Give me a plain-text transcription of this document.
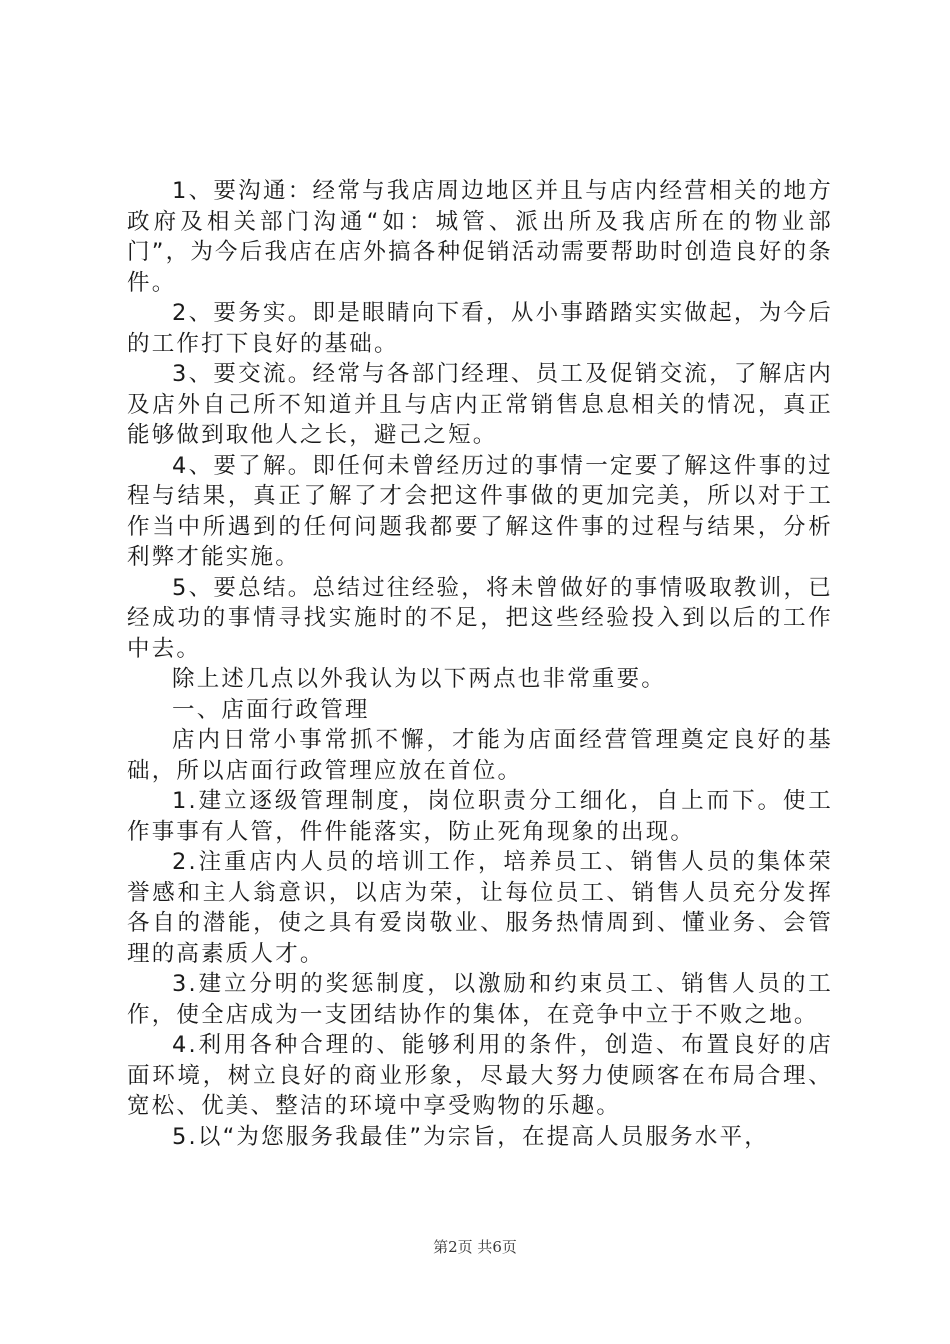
1、要沟通：经常与我店周边地区并且与店内经营相关的地方政府及相关部门沟通“如：城管、派出所及我店所在的物业部门”，为今后我店在店外搞各种促销活动需要帮助时创造良好的条件。

2、要务实。即是眼睛向下看，从小事踏踏实实做起，为今后的工作打下良好的基础。

3、要交流。经常与各部门经理、员工及促销交流，了解店内及店外自己所不知道并且与店内正常销售息息相关的情况，真正能够做到取他人之长，避己之短。

4、要了解。即任何未曾经历过的事情一定要了解这件事的过程与结果，真正了解了才会把这件事做的更加完美，所以对于工作当中所遇到的任何问题我都要了解这件事的过程与结果，分析利弊才能实施。

5、要总结。总结过往经验，将未曾做好的事情吸取教训，已经成功的事情寻找实施时的不足，把这些经验投入到以后的工作中去。

除上述几点以外我认为以下两点也非常重要。

一、店面行政管理

店内日常小事常抓不懈，才能为店面经营管理奠定良好的基础，所以店面行政管理应放在首位。

1.建立逐级管理制度，岗位职责分工细化，自上而下。使工作事事有人管，件件能落实，防止死角现象的出现。

2.注重店内人员的培训工作，培养员工、销售人员的集体荣誉感和主人翁意识，以店为荣，让每位员工、销售人员充分发挥各自的潜能，使之具有爱岗敬业、服务热情周到、懂业务、会管理的高素质人才。

3.建立分明的奖惩制度，以激励和约束员工、销售人员的工作，使全店成为一支团结协作的集体，在竞争中立于不败之地。

4.利用各种合理的、能够利用的条件，创造、布置良好的店面环境，树立良好的商业形象，尽最大努力使顾客在布局合理、宽松、优美、整洁的环境中享受购物的乐趣。

5.以“为您服务我最佳”为宗旨，在提高人员服务水平，

第2页 共6页
